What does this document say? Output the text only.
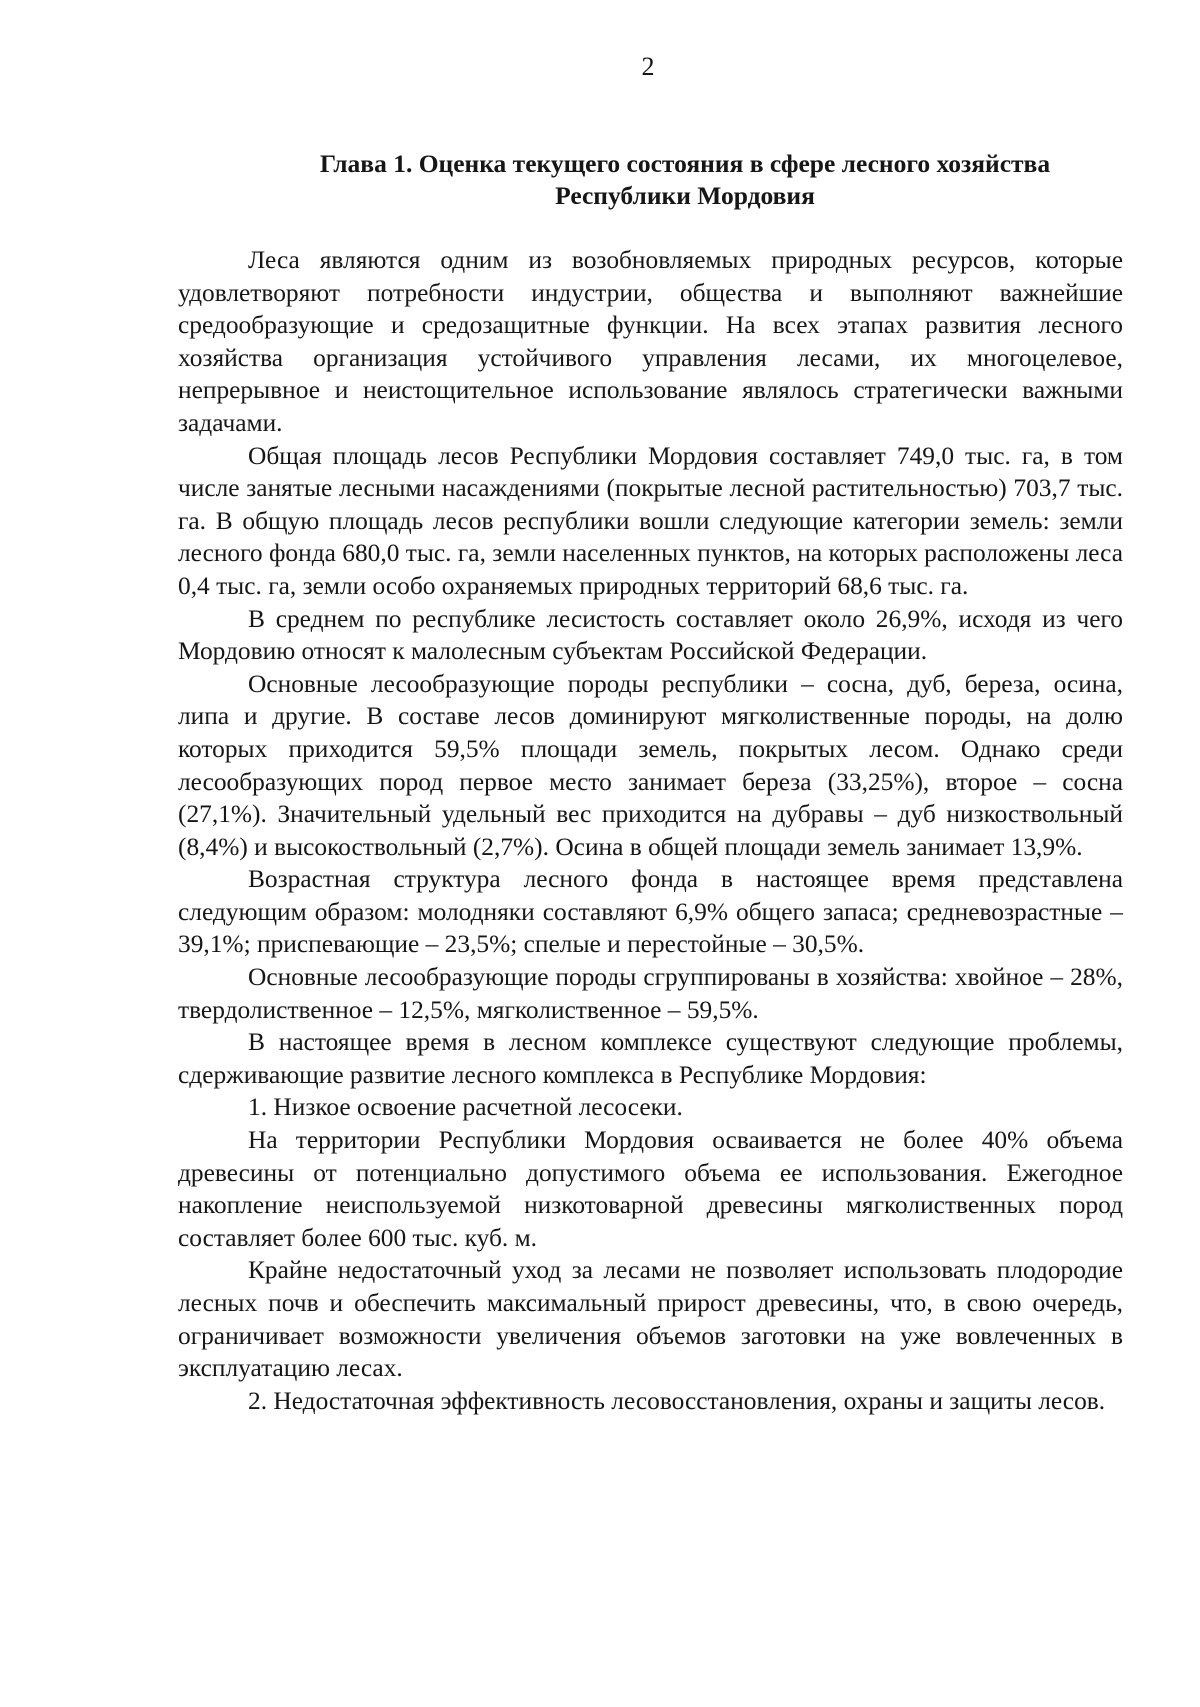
2
Глава 1. Оценка текущего состояния в сфере лесного хозяйства
Республики Мордовия

Леса являются одним из возобновляемых природных ресурсов, которые удовлетворяют потребности индустрии, общества и выполняют важнейшие средообразующие и средозащитные функции. На всех этапах развития лесного хозяйства организация устойчивого управления лесами, их многоцелевое, непрерывное и неистощительное использование являлось стратегически важными задачами.

Общая площадь лесов Республики Мордовия составляет 749,0 тыс. га, в том числе занятые лесными насаждениями (покрытые лесной растительностью) 703,7 тыс. га. В общую площадь лесов республики вошли следующие категории земель: земли лесного фонда 680,0 тыс. га, земли населенных пунктов, на которых расположены леса 0,4 тыс. га, земли особо охраняемых природных территорий 68,6 тыс. га.

В среднем по республике лесистость составляет около 26,9%, исходя из чего Мордовию относят к малолесным субъектам Российской Федерации.

Основные лесообразующие породы республики – сосна, дуб, береза, осина, липа и другие. В составе лесов доминируют мягколиственные породы, на долю которых приходится 59,5% площади земель, покрытых лесом. Однако среди лесообразующих пород первое место занимает береза (33,25%), второе – сосна (27,1%). Значительный удельный вес приходится на дубравы – дуб низкоствольный (8,4%) и высокоствольный (2,7%). Осина в общей площади земель занимает 13,9%.

Возрастная структура лесного фонда в настоящее время представлена следующим образом: молодняки составляют 6,9% общего запаса; средневозрастные – 39,1%; приспевающие – 23,5%; спелые и перестойные – 30,5%.

Основные лесообразующие породы сгруппированы в хозяйства: хвойное – 28%, твердолиственное – 12,5%, мягколиственное – 59,5%.

В настоящее время в лесном комплексе существуют следующие проблемы, сдерживающие развитие лесного комплекса в Республике Мордовия:

1. Низкое освоение расчетной лесосеки.

На территории Республики Мордовия осваивается не более 40% объема древесины от потенциально допустимого объема ее использования. Ежегодное накопление неиспользуемой низкотоварной древесины мягколиственных пород составляет более 600 тыс. куб. м.

Крайне недостаточный уход за лесами не позволяет использовать плодородие лесных почв и обеспечить максимальный прирост древесины, что, в свою очередь, ограничивает возможности увеличения объемов заготовки на уже вовлеченных в эксплуатацию лесах.

2. Недостаточная эффективность лесовосстановления, охраны и защиты лесов.
